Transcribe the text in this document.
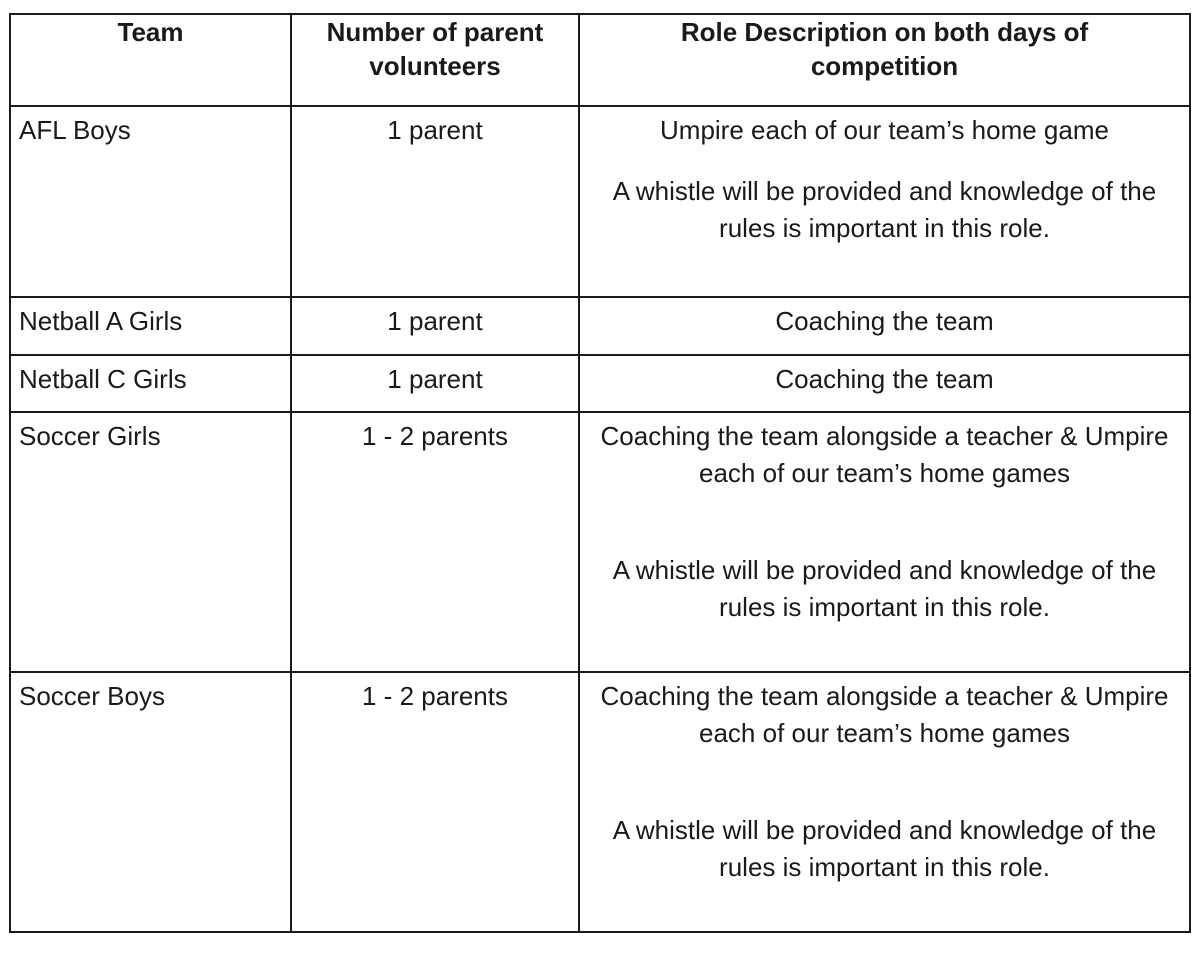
Team	Number of parent volunteers	Role Description on both days of competition

AFL Boys	1 parent	Umpire each of our team’s home game

A whistle will be provided and knowledge of the rules is important in this role.

Netball A Girls	1 parent	Coaching the team

Netball C Girls	1 parent	Coaching the team

Soccer Girls	1 - 2 parents	Coaching the team alongside a teacher & Umpire each of our team’s home games

A whistle will be provided and knowledge of the rules is important in this role.

Soccer Boys	1 - 2 parents	Coaching the team alongside a teacher & Umpire each of our team’s home games

A whistle will be provided and knowledge of the rules is important in this role.
